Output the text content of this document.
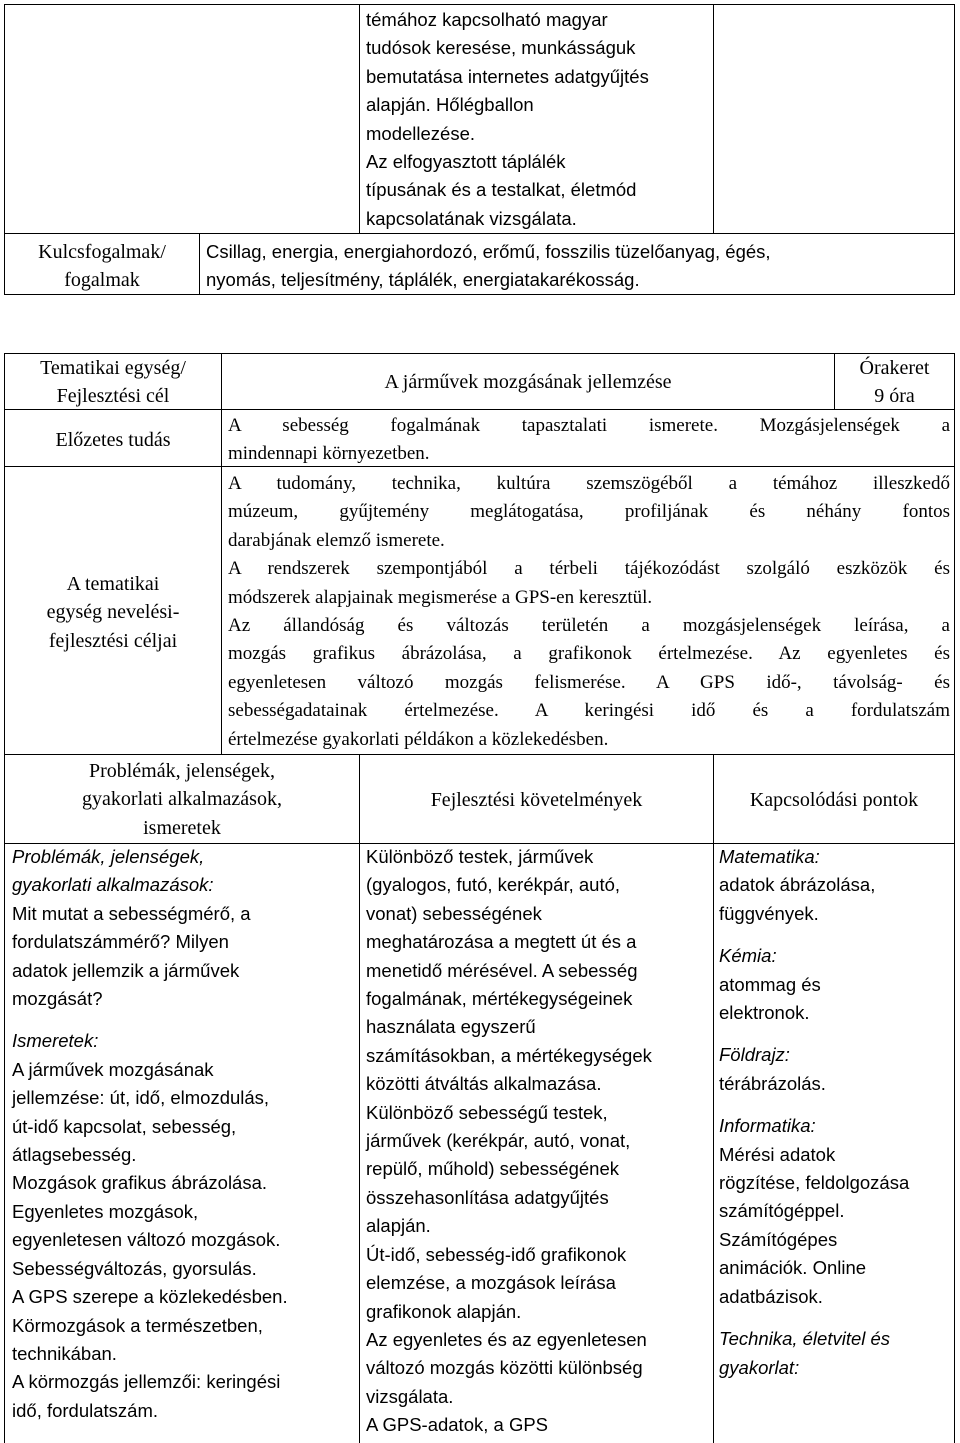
témához kapcsolható magyar
tudósok keresése, munkásságuk
bemutatása internetes adatgyűjtés
alapján. Hőlégballon
modellezése.
Az elfogyasztott táplálék
típusának és a testalkat, életmód
kapcsolatának vizsgálata.
Kulcsfogalmak/
fogalmak
Csillag, energia, energiahordozó, erőmű, fosszilis tüzelőanyag, égés,
nyomás, teljesítmény, táplálék, energiatakarékosság.
Tematikai egység/
Fejlesztési cél
A járművek mozgásának jellemzése
Órakeret
9 óra
Előzetes tudás
A sebesség fogalmának tapasztalati ismerete. Mozgásjelenségek a
mindennapi környezetben.
A tematikai
egység nevelési-
fejlesztési céljai
A tudomány, technika, kultúra szemszögéből a témához illeszkedő
múzeum, gyűjtemény meglátogatása, profiljának és néhány fontos
darabjának elemző ismerete.
A rendszerek szempontjából a térbeli tájékozódást szolgáló eszközök és
módszerek alapjainak megismerése a GPS-en keresztül.
Az állandóság és változás területén a mozgásjelenségek leírása, a
mozgás grafikus ábrázolása, a grafikonok értelmezése. Az egyenletes és
egyenletesen változó mozgás felismerése. A GPS idő-, távolság- és
sebességadatainak értelmezése. A keringési idő és a fordulatszám
értelmezése gyakorlati példákon a közlekedésben.
Problémák, jelenségek,
gyakorlati alkalmazások,
ismeretek
Fejlesztési követelmények	Kapcsolódási pontok
Problémák, jelenségek,
gyakorlati alkalmazások:
Mit mutat a sebességmérő, a
fordulatszámmérő? Milyen
adatok jellemzik a járművek
mozgását?
Ismeretek:
A járművek mozgásának
jellemzése: út, idő, elmozdulás,
út-idő kapcsolat, sebesség,
átlagsebesség.
Mozgások grafikus ábrázolása.
Egyenletes mozgások,
egyenletesen változó mozgások.
Sebességváltozás, gyorsulás.
A GPS szerepe a közlekedésben.
Körmozgások a természetben,
technikában.
A körmozgás jellemzői: keringési
idő, fordulatszám.
Különböző testek, járművek
(gyalogos, futó, kerékpár, autó,
vonat) sebességének
meghatározása a megtett út és a
menetidő mérésével. A sebesség
fogalmának, mértékegységeinek
használata egyszerű
számításokban, a mértékegységek
közötti átváltás alkalmazása.
Különböző sebességű testek,
járművek (kerékpár, autó, vonat,
repülő, műhold) sebességének
összehasonlítása adatgyűjtés
alapján.
Út-idő, sebesség-idő grafikonok
elemzése, a mozgások leírása
grafikonok alapján.
Az egyenletes és az egyenletesen
változó mozgás közötti különbség
vizsgálata.
A GPS-adatok, a GPS
Matematika:
adatok ábrázolása,
függvények.
Kémia:
atommag és
elektronok.
Földrajz:
térábrázolás.
Informatika:
Mérési adatok
rögzítése, feldolgozása
számítógéppel.
Számítógépes
animációk. Online
adatbázisok.
Technika, életvitel és
gyakorlat:
